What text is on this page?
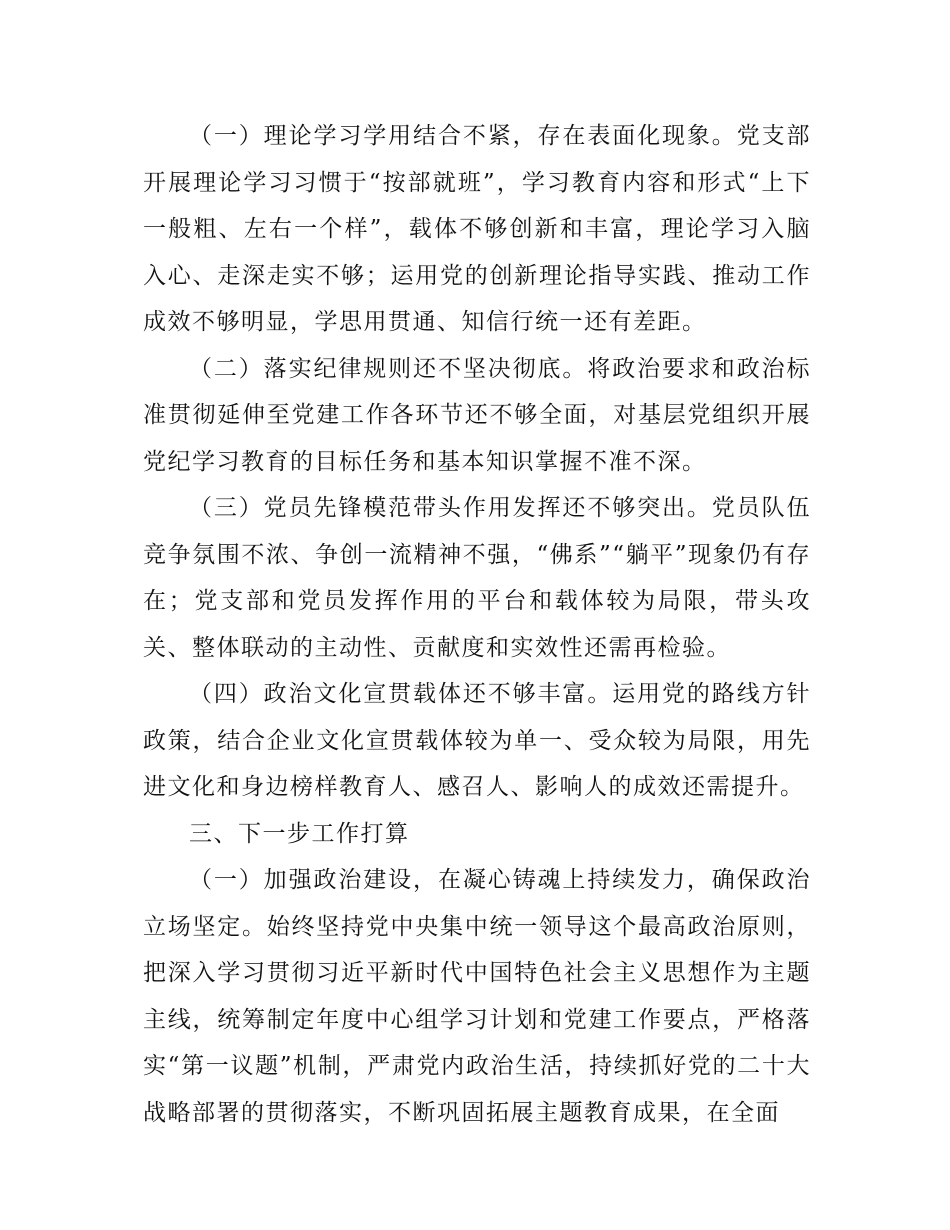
（一）理论学习学用结合不紧，存在表面化现象。党支部开展理论学习习惯于“按部就班”，学习教育内容和形式“上下一般粗、左右一个样”，载体不够创新和丰富，理论学习入脑入心、走深走实不够；运用党的创新理论指导实践、推动工作成效不够明显，学思用贯通、知信行统一还有差距。

（二）落实纪律规则还不坚决彻底。将政治要求和政治标准贯彻延伸至党建工作各环节还不够全面，对基层党组织开展党纪学习教育的目标任务和基本知识掌握不准不深。

（三）党员先锋模范带头作用发挥还不够突出。党员队伍竞争氛围不浓、争创一流精神不强，“佛系”“躺平”现象仍有存在；党支部和党员发挥作用的平台和载体较为局限，带头攻关、整体联动的主动性、贡献度和实效性还需再检验。

（四）政治文化宣贯载体还不够丰富。运用党的路线方针政策，结合企业文化宣贯载体较为单一、受众较为局限，用先进文化和身边榜样教育人、感召人、影响人的成效还需提升。

三、下一步工作打算

（一）加强政治建设，在凝心铸魂上持续发力，确保政治立场坚定。始终坚持党中央集中统一领导这个最高政治原则，把深入学习贯彻习近平新时代中国特色社会主义思想作为主题主线，统筹制定年度中心组学习计划和党建工作要点，严格落实“第一议题”机制，严肃党内政治生活，持续抓好党的二十大战略部署的贯彻落实，不断巩固拓展主题教育成果，在全面
